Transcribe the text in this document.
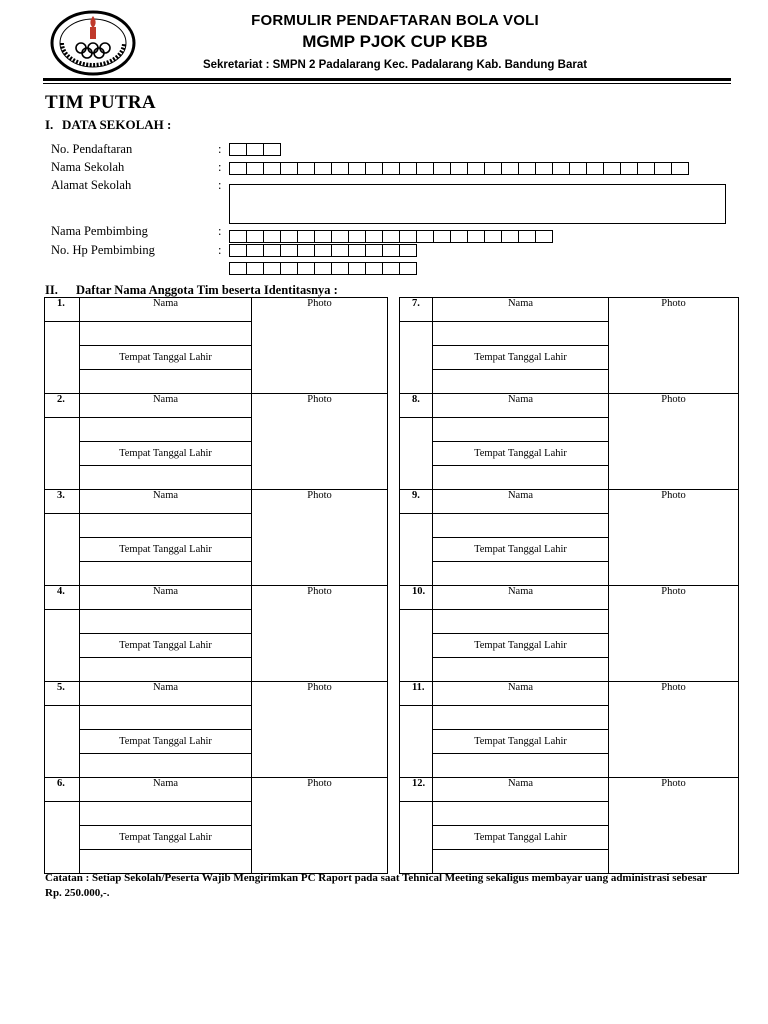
FORMULIR PENDAFTARAN BOLA VOLI
MGMP PJOK CUP KBB
Sekretariat : SMPN 2 Padalarang Kec. Padalarang Kab. Bandung Barat
TIM PUTRA
I. DATA SEKOLAH :
No. Pendaftaran	:
Nama Sekolah	:
Alamat Sekolah	:
Nama Pembimbing	:
No. Hp Pembimbing	:
II. Daftar Nama Anggota Tim beserta Identitasnya :
1.	Nama	Photo

	Tempat Tanggal Lahir	

2.	Nama	Photo

	Tempat Tanggal Lahir	

3.	Nama	Photo

	Tempat Tanggal Lahir	

4.	Nama	Photo

	Tempat Tanggal Lahir	

5.	Nama	Photo

	Tempat Tanggal Lahir	

6.	Nama	Photo

	Tempat Tanggal Lahir	

7.	Nama	Photo

	Tempat Tanggal Lahir	

8.	Nama	Photo

	Tempat Tanggal Lahir	

9.	Nama	Photo

	Tempat Tanggal Lahir	

10.	Nama	Photo

	Tempat Tanggal Lahir	

11.	Nama	Photo

	Tempat Tanggal Lahir	

12.	Nama	Photo

	Tempat Tanggal Lahir	

Catatan : Setiap Sekolah/Peserta Wajib Mengirimkan PC Raport pada saat Tehnical Meeting sekaligus membayar uang administrasi sebesar Rp. 250.000,-.
